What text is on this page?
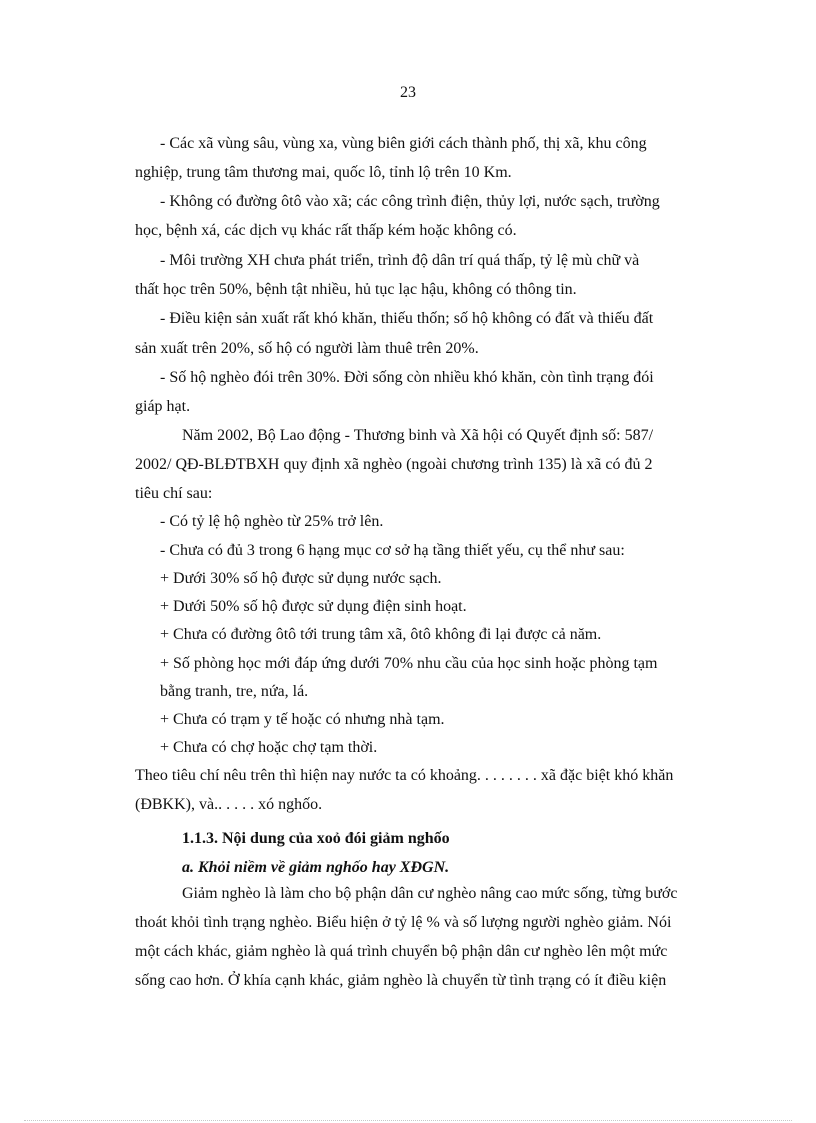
23
- Các xã vùng sâu, vùng xa, vùng biên giới cách thành phố, thị xã, khu công
nghiệp, trung tâm thương mai, quốc lô, tỉnh lộ trên 10 Km.
- Không có đường ôtô vào xã; các công trình điện, thủy lợi, nước sạch, trường
học, bệnh xá, các dịch vụ khác rất thấp kém hoặc không có.
- Môi trường XH chưa phát triển, trình độ dân trí quá thấp, tỷ lệ mù chữ và
thất học trên 50%, bệnh tật nhiều, hủ tục lạc hậu, không có thông tin.
- Điều kiện sản xuất rất khó khăn, thiếu thốn; số hộ không có đất và thiếu đất
sản xuất trên 20%, số hộ có người làm thuê trên 20%.
- Số hộ nghèo đói trên 30%. Đời sống còn nhiều khó khăn, còn tình trạng đói
giáp hạt.
Năm 2002, Bộ Lao động - Thương binh và Xã hội có Quyết định số: 587/
2002/ QĐ-BLĐTBXH quy định xã nghèo (ngoài chương trình 135) là xã có đủ 2
tiêu chí sau:
- Có tỷ lệ hộ nghèo từ 25% trở lên.
- Chưa có đủ 3 trong 6 hạng mục cơ sở hạ tầng thiết yếu, cụ thể như sau:
+ Dưới 30% số hộ được sử dụng nước sạch.
+ Dưới 50% số hộ được sử dụng điện sinh hoạt.
+ Chưa có đường ôtô tới trung tâm xã, ôtô không đi lại được cả năm.
+ Số phòng học mới đáp ứng dưới 70% nhu cầu của học sinh hoặc phòng tạm
bằng tranh, tre, nứa, lá.
+ Chưa có trạm y tế hoặc có nhưng nhà tạm.
+ Chưa có chợ hoặc chợ tạm thời.
Theo tiêu chí nêu trên thì hiện nay nước ta có khoảng. . . . . . . . xã đặc biệt khó khăn
(ĐBKK), và.. . . . . xó nghốo.
1.1.3. Nội dung của xoỏ đói giảm nghốo
a. Khỏi niềm về giảm nghốo hay XĐGN.
Giảm nghèo là làm cho bộ phận dân cư nghèo nâng cao mức sống, từng bước
thoát khỏi tình trạng nghèo. Biểu hiện ở tỷ lệ % và số lượng người nghèo giảm. Nói
một cách khác, giảm nghèo là quá trình chuyển bộ phận dân cư nghèo lên một mức
sống cao hơn. Ở khía cạnh khác, giảm nghèo là chuyển từ tình trạng có ít điều kiện
